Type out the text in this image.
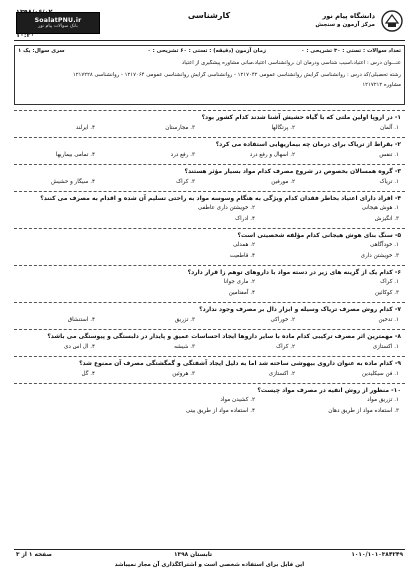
SoalatPNU.ir
بانک سوالات پیام نور
۱۰:۳۰
کارشناسی	دانشگاه پیام نور
مرکز آزمون و سنجش
تعداد سوالات : تستی : ۳۰ تشریحی : ۰
زمان آزمون (دقیقه) : تستی : ۶۰ تشریحی : ۰
سری سوال: یک ۱
عنـــوان درس : اعتیاد،آسیب شناسی ودرمان آن ،روانشناسی اعتیاد،مبانی مشاوره پیشگیری از اعتیاد
رشته تحصیلی/کد درس : روانشناسی گرایش روانشناسی عمومی ۱۲۱۷۰۴۲ - روانشناسی گرایش روانشناسی عمومی ۱۲۱۷۰۶۴ - روانشناسی ۱۲۱۷۲۲۸
مشاوره ۱۲۱۷۲۱۲
۱- در اروپا اولین ملتی که با گیاه حشیش آشنا شدند کدام کشور بود؟
۱. آلمان
۲. پرتگالها
۳. مجارستان
۴. ایرلند
۲- بقراط از تریاک برای درمان چه بیماریهایی استفاده می کرد؟
۱. تنفس
۲. اسهال و رفع درد
۳. رفع درد
۴. تمامی بیماریها
۳- گروه همسالان بخصوص در شروع مصرف کدام مواد بسیار مؤثر هستند؟
۱. تریاک
۲. مورفین
۳. کراک
۴. سیگار و حشیش
۴- افراد دارای اعتیاد بخاطر فقدان کدام ویژگی به هنگام وسوسه مواد به راحتی تسلیم آن شده و اقدام به مصرف می کنند؟
۱. هوش هیجانی
۲. خویشتن داری عاطفی
۳. انگیزش
۴. ادراک
۵- سنگ بنای هوش هیجانی کدام مؤلفه شخصیتی است؟
۱. خودآگاهی
۲. همدلی
۳. خویشتن داری
۴. قاطعیت
۶- کدام یک از گزینه های زیر در دسته مواد با داروهای توهم زا قرار دارد؟
۱. کراک
۲. ماری جوانا
۳. کوکائین
۴. آمفتامین
۷- کدام روش مصرف تریاک وسیله و ابزار دال بر مصرف وجود ندارد؟
۱. تدخین
۲. خوراکی
۳. تزریق
۴. استنشاق
۸- مهمترین اثر مصرف ترکیبی کدام ماده با سایر داروها ایجاد احساسات عمیق و پایدار در دلبستگی و پیوستگی می باشد؟
۱. اکستازی
۲. کراک
۳. شیشه
۴. ال اس دی
۹- کدام ماده به عنوان داروی بیهوشی ساخته شد اما به دلیل ایجاد آشفتگی و گمگشتگی مصرف آن ممنوع شد؟
۱. فن سیکلیدین
۲. اکستازی
۳. هروئین
۴. گل
۱۰- منظور از روش انفیه در مصرف مواد چیست؟
۱. تزریق مواد
۲. کشیدن مواد
۳. استفاده مواد از طریق دهان
۴. استفاده مواد از طریق بینی
صفحه ۱ از ۳	تابستان ۱۳۹۸	۱۰۱۰/۱۰۱۰۳۸۴۲۴۹
این فایل برای استفاده شخصی است و اشتراکگذاری آن مجاز نمیباشد
